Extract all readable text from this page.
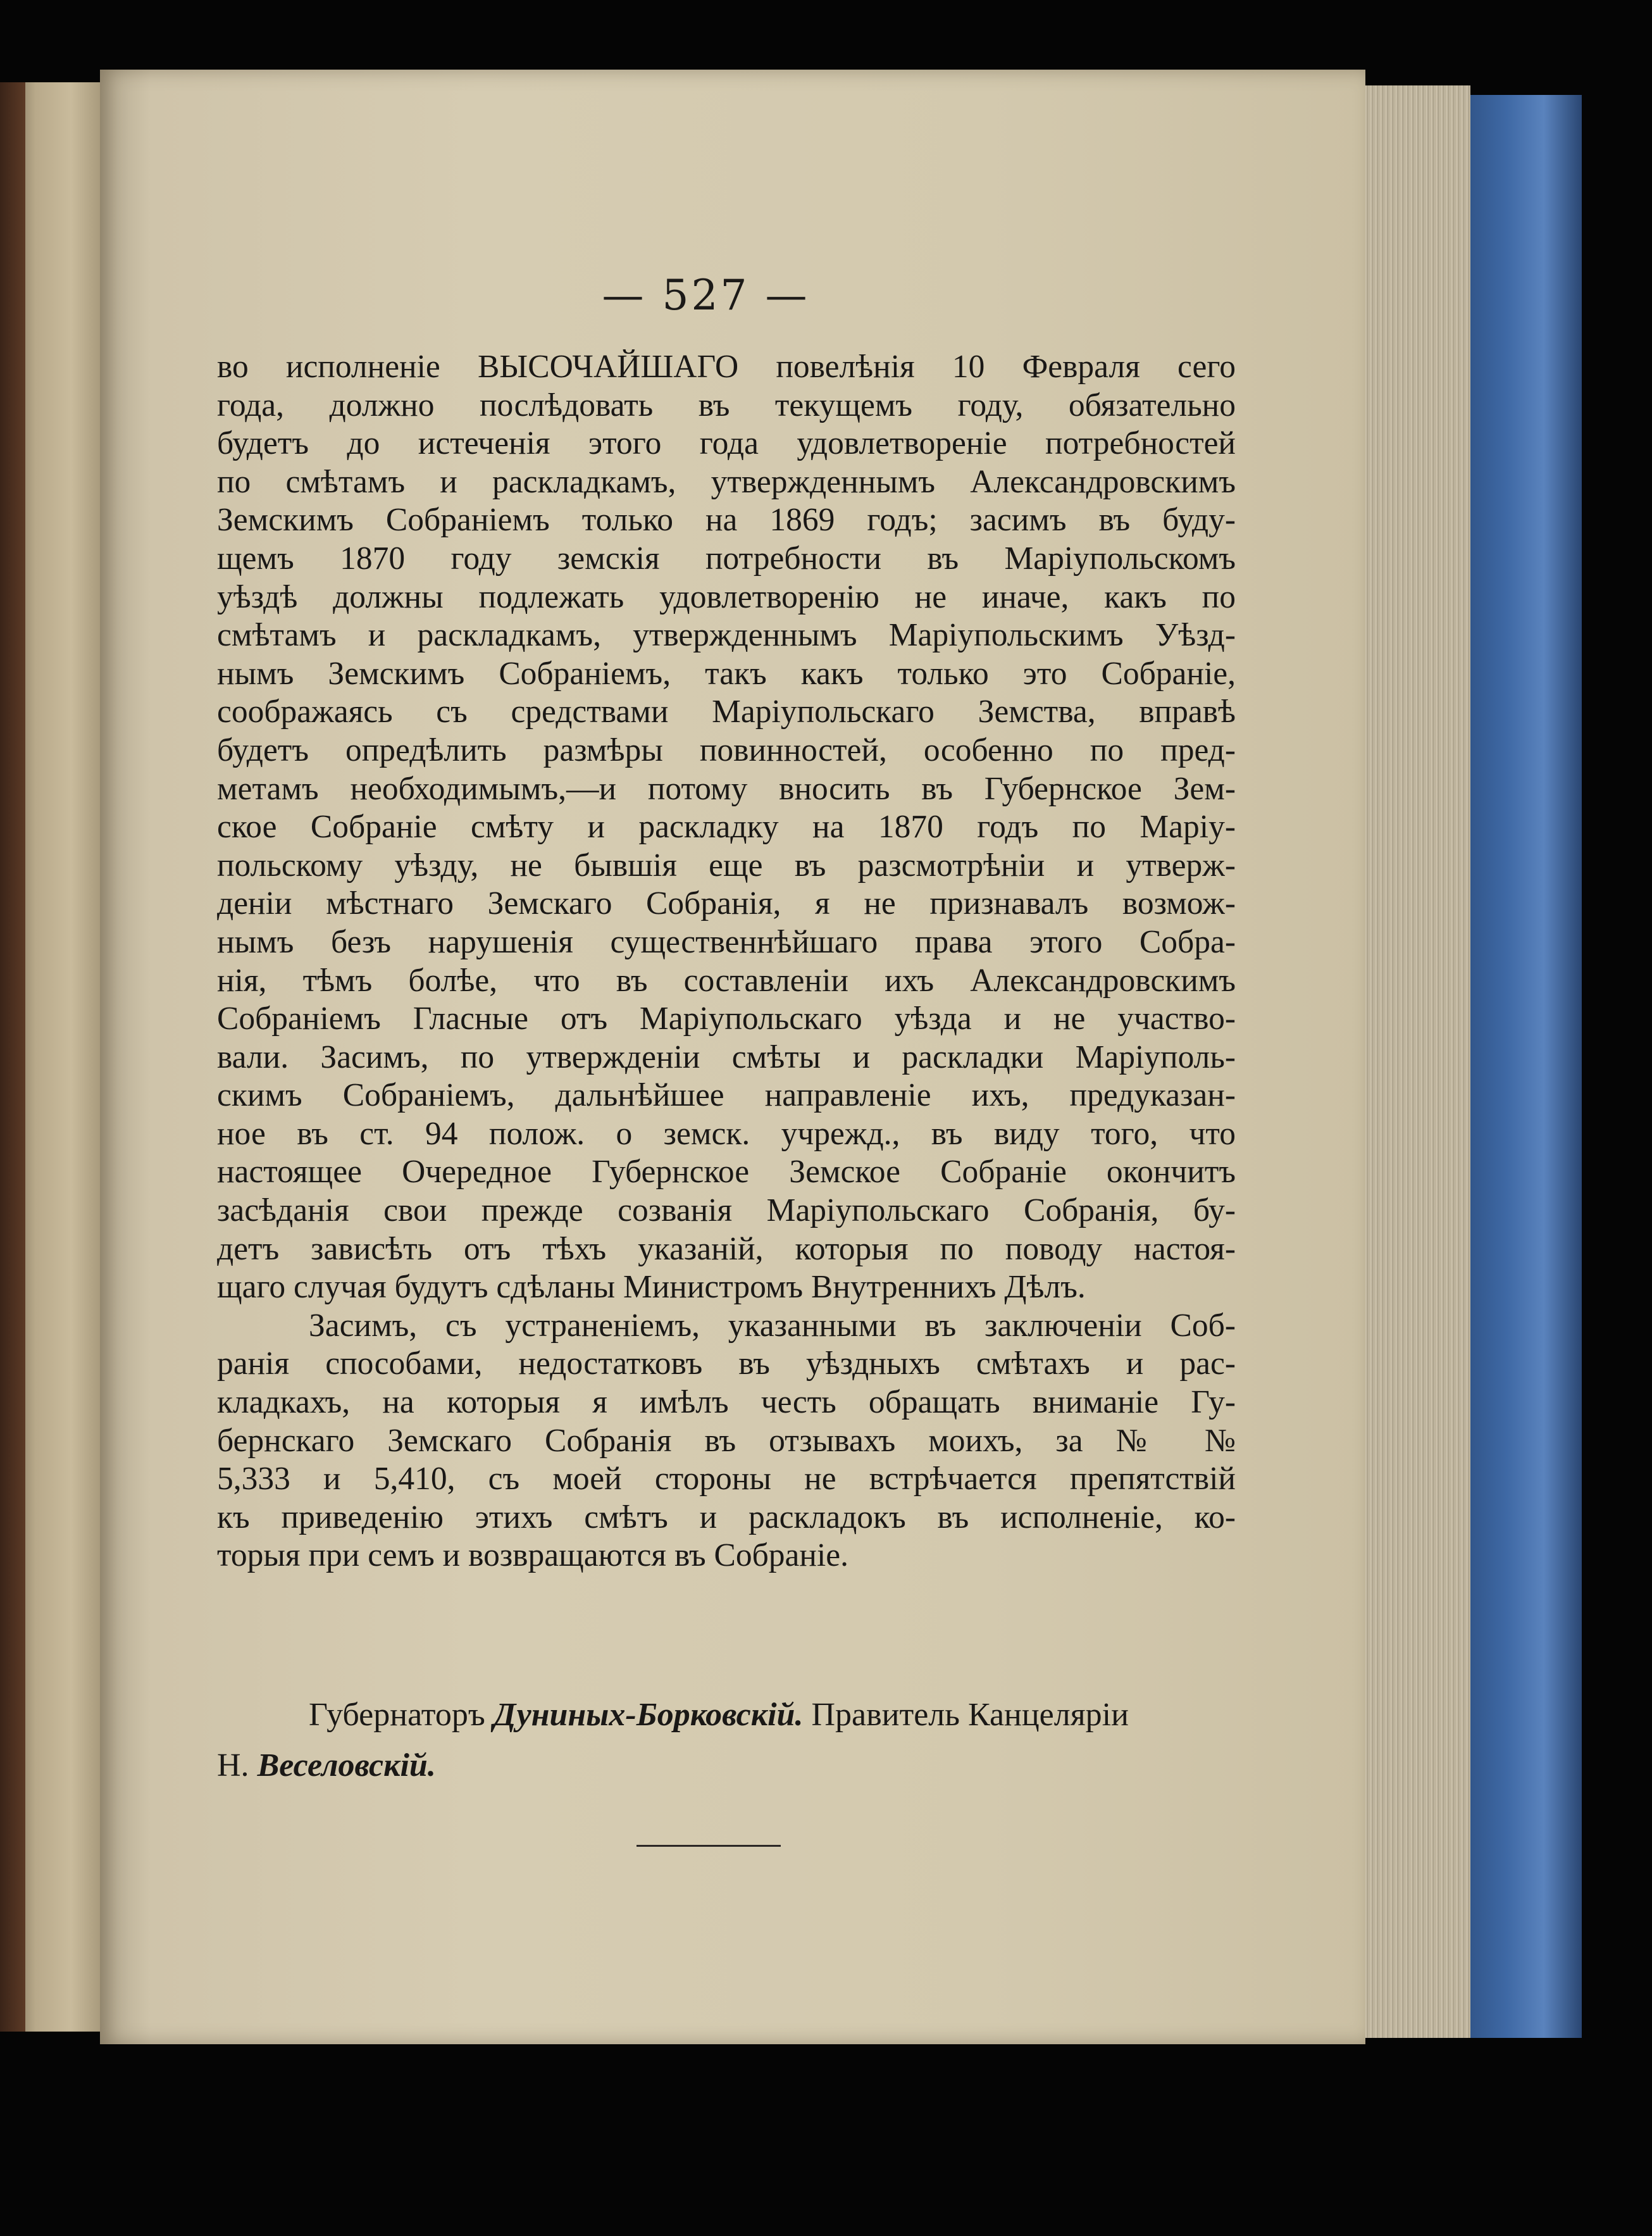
— 527 —
во исполненіе ВЫСОЧАЙШАГО повелѣнія 10 Февраля сего
года, должно послѣдовать въ текущемъ году, обязательно
будетъ до истеченія этого года удовлетвореніе потребностей
по смѣтамъ и раскладкамъ, утвержденнымъ Александровскимъ
Земскимъ Собраніемъ только на 1869 годъ; засимъ въ буду-
щемъ 1870 году земскія потребности въ Маріупольскомъ
уѣздѣ должны подлежать удовлетворенію не иначе, какъ по
смѣтамъ и раскладкамъ, утвержденнымъ Маріупольскимъ Уѣзд-
нымъ Земскимъ Собраніемъ, такъ какъ только это Собраніе,
соображаясь съ средствами Маріупольскаго Земства, вправѣ
будетъ опредѣлить размѣры повинностей, особенно по пред-
метамъ необходимымъ,—и потому вносить въ Губернское Зем-
ское Собраніе смѣту и раскладку на 1870 годъ по Маріу-
польскому уѣзду, не бывшія еще въ разсмотрѣніи и утверж-
деніи мѣстнаго Земскаго Собранія, я не признавалъ возмож-
нымъ безъ нарушенія существеннѣйшаго права этого Собра-
нія, тѣмъ болѣе, что въ составленіи ихъ Александровскимъ
Собраніемъ Гласные отъ Маріупольскаго уѣзда и не участво-
вали. Засимъ, по утвержденіи смѣты и раскладки Маріуполь-
скимъ Собраніемъ, дальнѣйшее направленіе ихъ, предуказан-
ное въ ст. 94 полож. о земск. учрежд., въ виду того, что
настоящее Очередное Губернское Земское Собраніе окончитъ
засѣданія свои прежде созванія Маріупольскаго Собранія, бу-
детъ зависѣть отъ тѣхъ указаній, которыя по поводу настоя-
щаго случая будутъ сдѣланы Министромъ Внутреннихъ Дѣлъ.
Засимъ, съ устраненіемъ, указанными въ заключеніи Соб-
ранія способами, недостатковъ въ уѣздныхъ смѣтахъ и рас-
кладкахъ, на которыя я имѣлъ честь обращать вниманіе Гу-
бернскаго Земскаго Собранія въ отзывахъ моихъ, за № №
5,333 и 5,410, съ моей стороны не встрѣчается препятствій
къ приведенію этихъ смѣтъ и раскладокъ въ исполненіе, ко-
торыя при семъ и возвращаются въ Собраніе.
Губернаторъ Дуниных-Борковскій. Правитель Канцеляріи
Н. Веселовскій.
